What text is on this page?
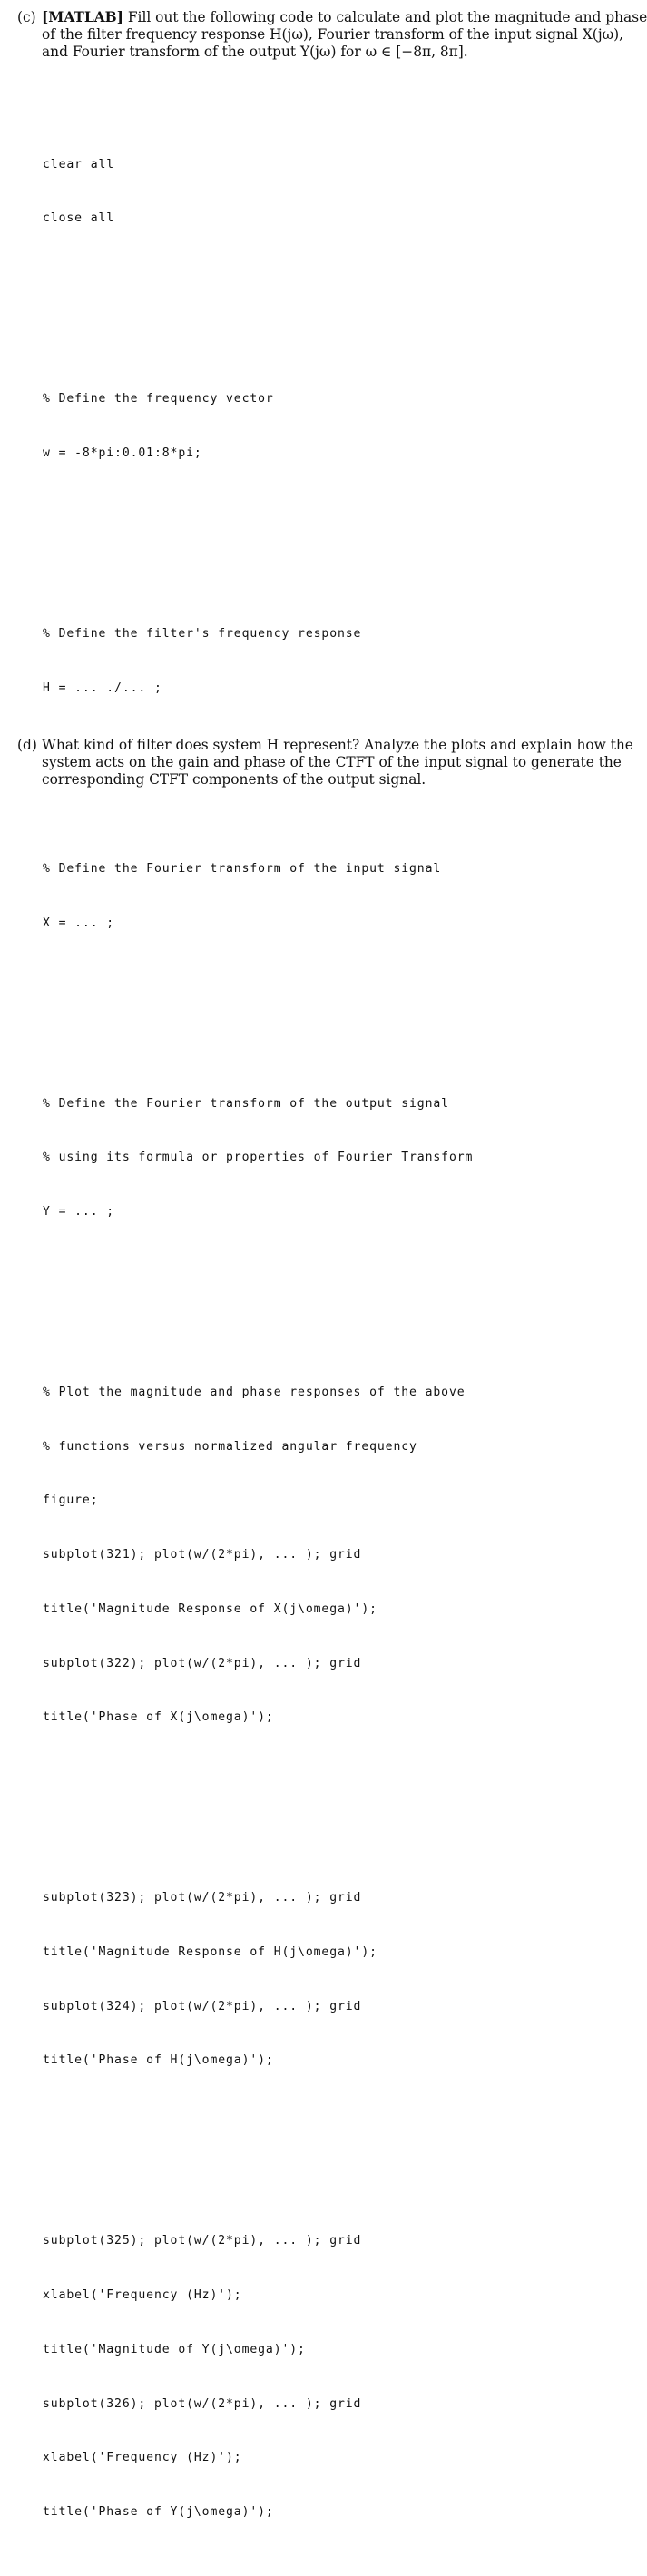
(c) [MATLAB] Fill out the following code to calculate and plot the magnitude and phase
of the filter frequency response H(jω), Fourier transform of the input signal X(jω),
and Fourier transform of the output Y(jω) for ω ∈ [−8π, 8π].

clear all

close all

% Define the frequency vector

w = -8*pi:0.01:8*pi;

% Define the filter's frequency response

H = ... ./... ;

% Define the Fourier transform of the input signal

X = ... ;

% Define the Fourier transform of the output signal

% using its formula or properties of Fourier Transform

Y = ... ;

% Plot the magnitude and phase responses of the above

% functions versus normalized angular frequency

figure;

subplot(321); plot(w/(2*pi), ... ); grid

title('Magnitude Response of X(j\omega)');

subplot(322); plot(w/(2*pi), ... ); grid

title('Phase of X(j\omega)');

subplot(323); plot(w/(2*pi), ... ); grid

title('Magnitude Response of H(j\omega)');

subplot(324); plot(w/(2*pi), ... ); grid

title('Phase of H(j\omega)');

subplot(325); plot(w/(2*pi), ... ); grid

xlabel('Frequency (Hz)');

title('Magnitude of Y(j\omega)');

subplot(326); plot(w/(2*pi), ... ); grid

xlabel('Frequency (Hz)');

title('Phase of Y(j\omega)');

(d) What kind of filter does system H represent? Analyze the plots and explain how the
system acts on the gain and phase of the CTFT of the input signal to generate the
corresponding CTFT components of the output signal.
